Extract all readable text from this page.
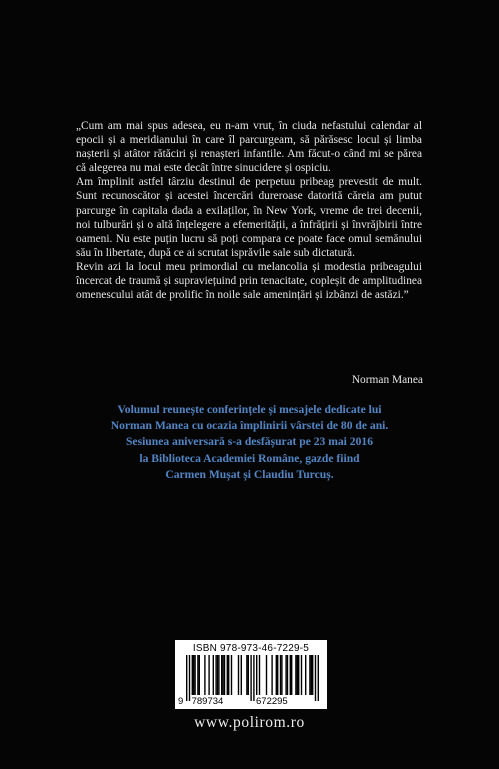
„Cum am mai spus adesea, eu n-am vrut, în ciuda nefastului calendar al epocii și a meridianului în care îl parcurgeam, să părăsesc locul și limba nașterii și atâtor rătăciri și renașteri infantile. Am făcut-o când mi se părea că alegerea nu mai este decât între sinucidere și ospiciu.

Am împlinit astfel târziu destinul de perpetuu pribeag prevestit de mult. Sunt recunoscător și acestei încercări dureroase datorită căreia am putut parcurge în capitala dada a exilaților, în New York, vreme de trei decenii, noi tulburări și o altă înțelegere a efemerității, a înfrățirii și învrăjbirii între oameni. Nu este puțin lucru să poți compara ce poate face omul semănului său în libertate, după ce ai scrutat isprăvile sale sub dictatură.

Revin azi la locul meu primordial cu melancolia și modestia pribeagului încercat de traumă și supraviețuind prin tenacitate, copleșit de amplitudinea omenescului atât de prolific în noile sale amenințări și izbânzi de astăzi.”

Norman Manea
Volumul reunește conferințele și mesajele dedicate lui
Norman Manea cu ocazia împlinirii vârstei de 80 de ani.
Sesiunea aniversară s-a desfășurat pe 23 mai 2016
la Biblioteca Academiei Române, gazde fiind
Carmen Mușat și Claudiu Turcuș.
ISBN 978-973-46-7229-5
9 789734	672295
www.polirom.ro
